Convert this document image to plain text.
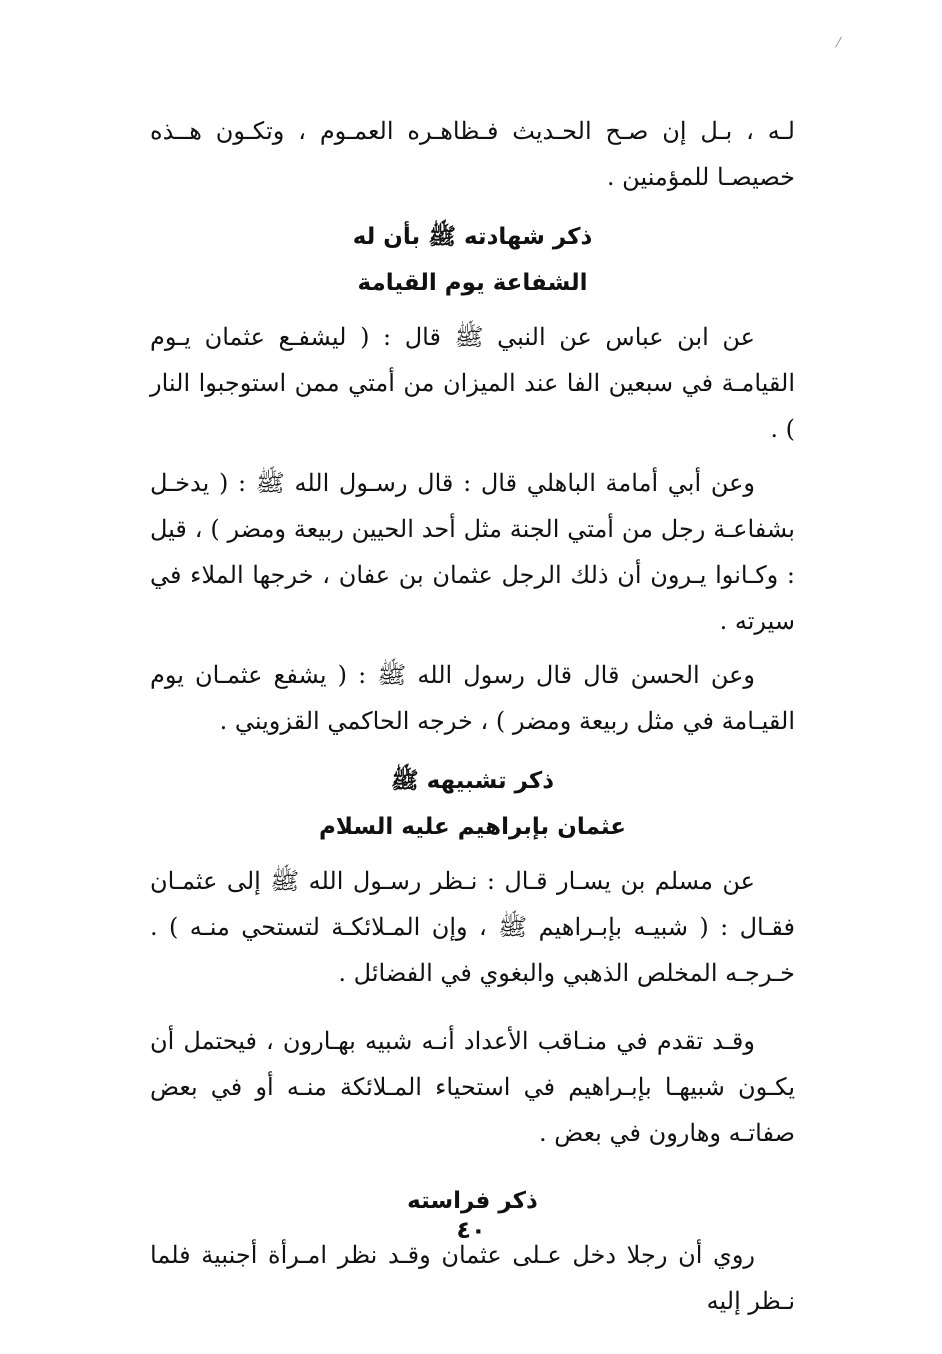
لـه ، بـل إن صـح الحـديث فـظاهـره العمـوم ، وتكـون هــذه خصيصـا للمؤمنين .

ذكر شهادته ﷺ بأن له

الشفاعة يوم القيامة

عن ابن عباس عن النبي ﷺ قال : ( ليشفـع عثمان يـوم القيامـة في سبعين الفا عند الميزان من أمتي ممن استوجبوا النار ) .

وعن أبي أمامة الباهلي قال : قال رسـول الله ﷺ : ( يدخـل بشفاعـة رجل من أمتي الجنة مثل أحد الحيين ربيعة ومضر ) ، قيل : وكـانوا يـرون أن ذلك الرجل عثمان بن عفان ، خرجها الملاء في سيرته .

وعن الحسن قال قال رسول الله ﷺ : ( يشفع عثمـان يوم القيـامة في مثل ربيعة ومضر ) ، خرجه الحاكمي القزويني .

ذكر تشبيهه ﷺ

عثمان بإبراهيم عليه السلام

عن مسلم بن يسـار قـال : نـظر رسـول الله ﷺ إلى عثمـان فقـال : ( شبيـه بإبـراهيم ﷺ ، وإن المـلائكـة لتستحي منـه ) . خـرجـه المخلص الذهبي والبغوي في الفضائل .

وقـد تقدم في منـاقب الأعداد أنـه شبيه بهـارون ، فيحتمل أن يكـون شبيهـا بإبـراهيم في استحياء المـلائكة منـه أو في بعض صفاتـه وهارون في بعض .

ذكر فراسته

روي أن رجلا دخل عـلى عثمان وقـد نظر امـرأة أجنبية فلما نـظر إليه

٤٠
